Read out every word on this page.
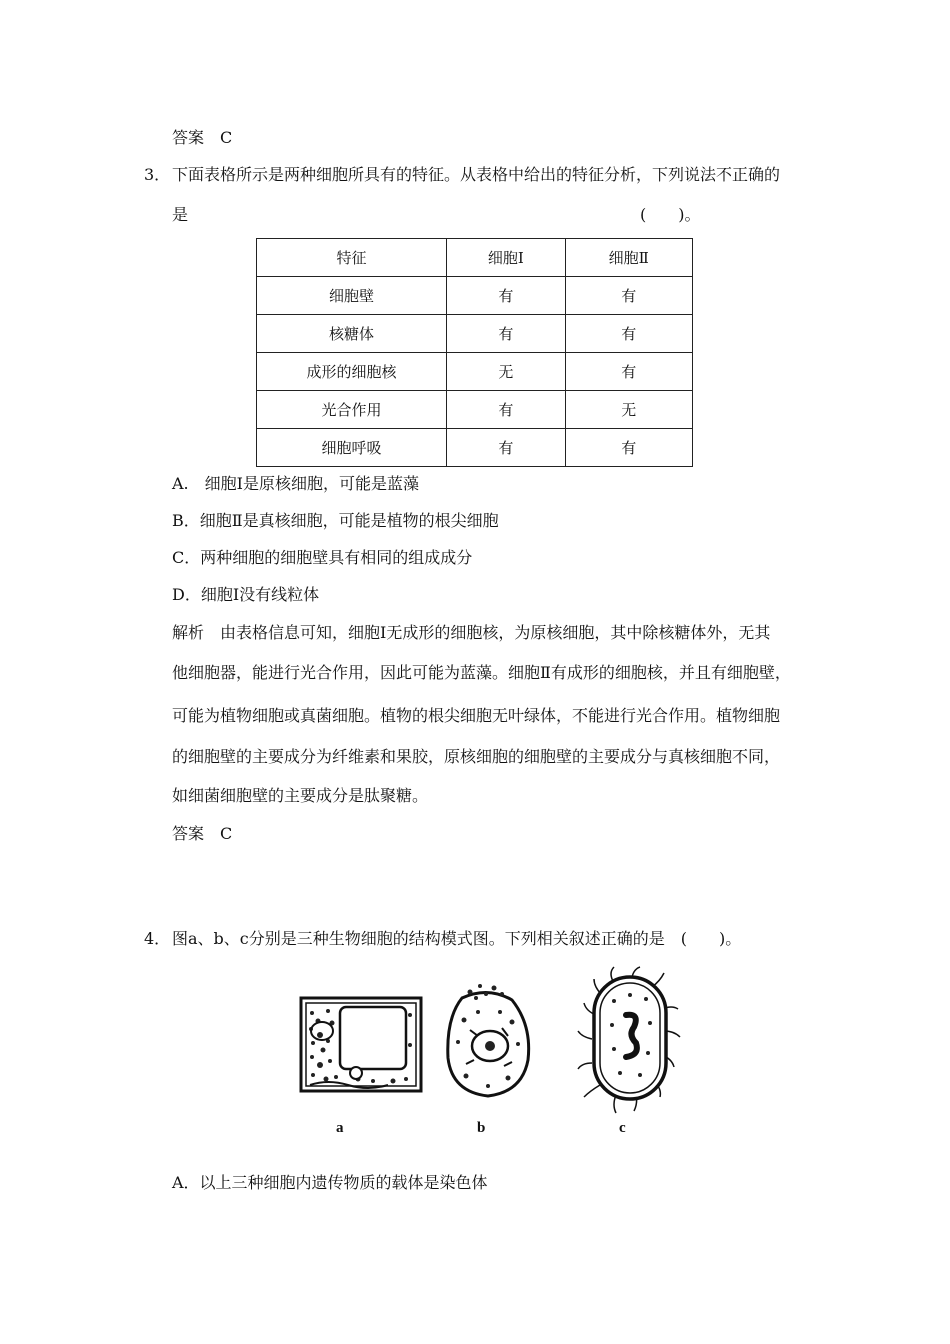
答案　C
3． 下面表格所示是两种细胞所具有的特征。从表格中给出的特征分析，下列说法不正确的
是	(　　)。
特征	细胞Ⅰ	细胞Ⅱ
细胞壁	有	有
核糖体	有	有
成形的细胞核	无	有
光合作用	有	无
细胞呼吸	有	有
A.　细胞Ⅰ是原核细胞，可能是蓝藻
B．细胞Ⅱ是真核细胞，可能是植物的根尖细胞
C．两种细胞的细胞壁具有相同的组成成分
D．细胞Ⅰ没有线粒体
解析　由表格信息可知，细胞Ⅰ无成形的细胞核，为原核细胞，其中除核糖体外，无其
他细胞器，能进行光合作用，因此可能为蓝藻。细胞Ⅱ有成形的细胞核，并且有细胞壁，
可能为植物细胞或真菌细胞。植物的根尖细胞无叶绿体，不能进行光合作用。植物细胞
的细胞壁的主要成分为纤维素和果胶，原核细胞的细胞壁的主要成分与真核细胞不同，
如细菌细胞壁的主要成分是肽聚糖。
答案　C
4． 图a、b、c分别是三种生物细胞的结构模式图。下列相关叙述正确的是　(　　)。
a	b	c
A．以上三种细胞内遗传物质的载体是染色体
